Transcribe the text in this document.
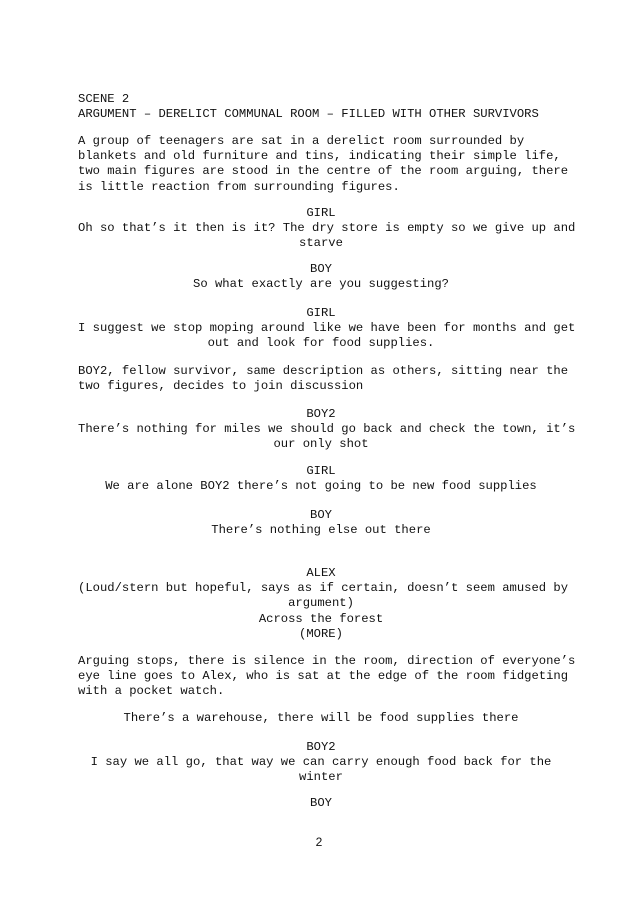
SCENE 2
ARGUMENT – DERELICT COMMUNAL ROOM – FILLED WITH OTHER SURVIVORS
A group of teenagers are sat in a derelict room surrounded by
blankets and old furniture and tins, indicating their simple life,
two main figures are stood in the centre of the room arguing, there
is little reaction from surrounding figures.
GIRL
Oh so that’s it then is it? The dry store is empty so we give up and
starve
BOY
So what exactly are you suggesting?
GIRL
I suggest we stop moping around like we have been for months and get
out and look for food supplies.
BOY2, fellow survivor, same description as others, sitting near the
two figures, decides to join discussion
BOY2
There’s nothing for miles we should go back and check the town, it’s
our only shot
GIRL
We are alone BOY2 there’s not going to be new food supplies
BOY
There’s nothing else out there
ALEX
(Loud/stern but hopeful, says as if certain, doesn’t seem amused by
argument)
Across the forest
(MORE)
Arguing stops, there is silence in the room, direction of everyone’s
eye line goes to Alex, who is sat at the edge of the room fidgeting
with a pocket watch.
There’s a warehouse, there will be food supplies there
BOY2
I say we all go, that way we can carry enough food back for the
winter
BOY
2
